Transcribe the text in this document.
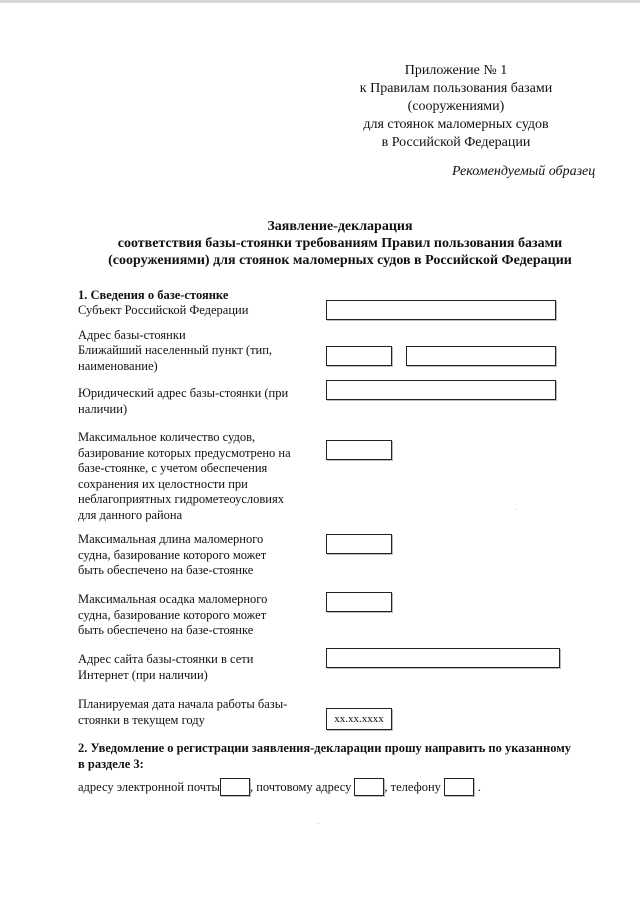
Приложение № 1
к Правилам пользования базами
(сооружениями)
для стоянок маломерных судов
в Российской Федерации
Рекомендуемый образец
Заявление-декларация
соответствия базы-стоянки требованиям Правил пользования базами
(сооружениями) для стоянок маломерных судов в Российской Федерации
1. Сведения о базе-стоянке
Субъект Российской Федерации
Адрес базы-стоянки
Ближайший населенный пункт (тип,
наименование)
Юридический адрес базы-стоянки (при
наличии)
Максимальное количество судов,
базирование которых предусмотрено на
базе-стоянке, с учетом обеспечения
сохранения их целостности при
неблагоприятных гидрометеоусловиях
для данного района
Максимальная длина маломерного
судна, базирование которого может
быть обеспечено на базе-стоянке
Максимальная осадка маломерного
судна, базирование которого может
быть обеспечено на базе-стоянке
Адрес сайта базы-стоянки в сети
Интернет (при наличии)
Планируемая дата начала работы базы-
стоянки в текущем году	хх.хх.хххх
2. Уведомление о регистрации заявления-декларации прошу направить по указанному
в разделе 3:
адресу электронной почты , почтовому адресу	, телефону	.
